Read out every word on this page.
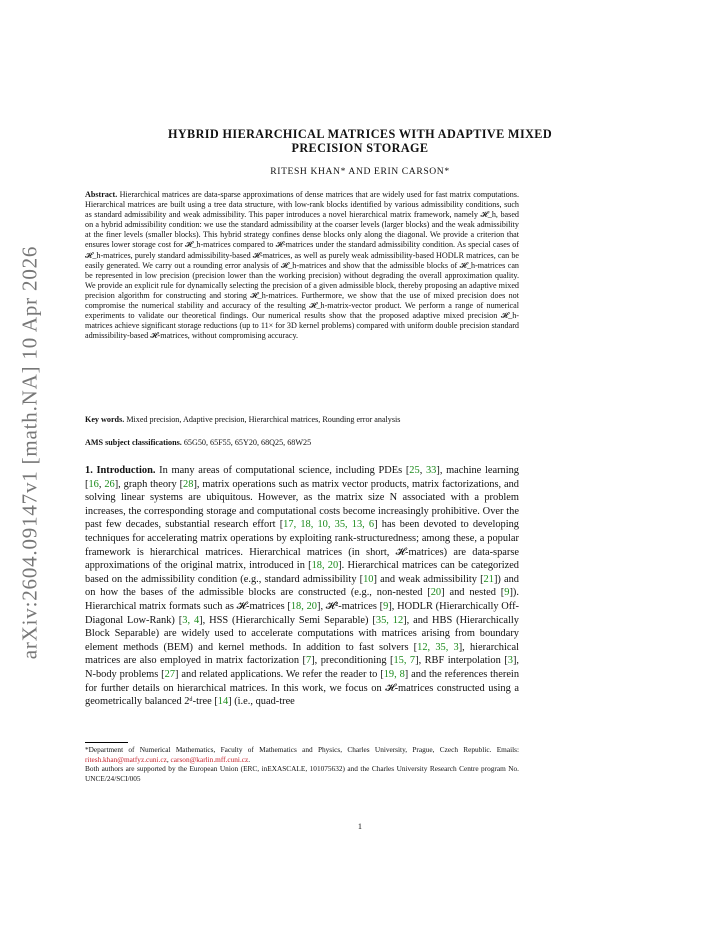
arXiv:2604.09147v1 [math.NA] 10 Apr 2026
HYBRID HIERARCHICAL MATRICES WITH ADAPTIVE MIXED
PRECISION STORAGE
RITESH KHAN* AND ERIN CARSON*
Abstract. Hierarchical matrices are data-sparse approximations of dense matrices that are widely used for fast matrix computations. Hierarchical matrices are built using a tree data structure, with low-rank blocks identified by various admissibility conditions, such as standard admissibility and weak admissibility. This paper introduces a novel hierarchical matrix framework, namely 𝓗_h, based on a hybrid admissibility condition: we use the standard admissibility at the coarser levels (larger blocks) and the weak admissibility at the finer levels (smaller blocks). This hybrid strategy confines dense blocks only along the diagonal. We provide a criterion that ensures lower storage cost for 𝓗_h-matrices compared to 𝓗-matrices under the standard admissibility condition. As special cases of 𝓗_h-matrices, purely standard admissibility-based 𝓗-matrices, as well as purely weak admissibility-based HODLR matrices, can be easily generated. We carry out a rounding error analysis of 𝓗_h-matrices and show that the admissible blocks of 𝓗_h-matrices can be represented in low precision (precision lower than the working precision) without degrading the overall approximation quality. We provide an explicit rule for dynamically selecting the precision of a given admissible block, thereby proposing an adaptive mixed precision algorithm for constructing and storing 𝓗_h-matrices. Furthermore, we show that the use of mixed precision does not compromise the numerical stability and accuracy of the resulting 𝓗_h-matrix-vector product. We perform a range of numerical experiments to validate our theoretical findings. Our numerical results show that the proposed adaptive mixed precision 𝓗_h-matrices achieve significant storage reductions (up to 11× for 3D kernel problems) compared with uniform double precision standard admissibility-based 𝓗-matrices, without compromising accuracy.
Key words. Mixed precision, Adaptive precision, Hierarchical matrices, Rounding error analysis
AMS subject classifications. 65G50, 65F55, 65Y20, 68Q25, 68W25
1. Introduction. In many areas of computational science, including PDEs [25, 33], machine learning [16, 26], graph theory [28], matrix operations such as matrix vector products, matrix factorizations, and solving linear systems are ubiquitous. However, as the matrix size N associated with a problem increases, the corresponding storage and computational costs become increasingly prohibitive. Over the past few decades, substantial research effort [17, 18, 10, 35, 13, 6] has been devoted to developing techniques for accelerating matrix operations by exploiting rank-structuredness; among these, a popular framework is hierarchical matrices. Hierarchical matrices (in short, 𝓗-matrices) are data-sparse approximations of the original matrix, introduced in [18, 20]. Hierarchical matrices can be categorized based on the admissibility condition (e.g., standard admissibility [10] and weak admissibility [21]) and on how the bases of the admissible blocks are constructed (e.g., non-nested [20] and nested [9]). Hierarchical matrix formats such as 𝓗-matrices [18, 20], 𝓗²-matrices [9], HODLR (Hierarchically Off-Diagonal Low-Rank) [3, 4], HSS (Hierarchically Semi Separable) [35, 12], and HBS (Hierarchically Block Separable) are widely used to accelerate computations with matrices arising from boundary element methods (BEM) and kernel methods. In addition to fast solvers [12, 35, 3], hierarchical matrices are also employed in matrix factorization [7], preconditioning [15, 7], RBF interpolation [3], N-body problems [27] and related applications. We refer the reader to [19, 8] and the references therein for further details on hierarchical matrices. In this work, we focus on 𝓗-matrices constructed using a geometrically balanced 2ᵈ-tree [14] (i.e., quad-tree
*Department of Numerical Mathematics, Faculty of Mathematics and Physics, Charles University, Prague, Czech Republic. Emails: ritesh.khan@matfyz.cuni.cz, carson@karlin.mff.cuni.cz.
Both authors are supported by the European Union (ERC, inEXASCALE, 101075632) and the Charles University Research Centre program No. UNCE/24/SCI/005
1
